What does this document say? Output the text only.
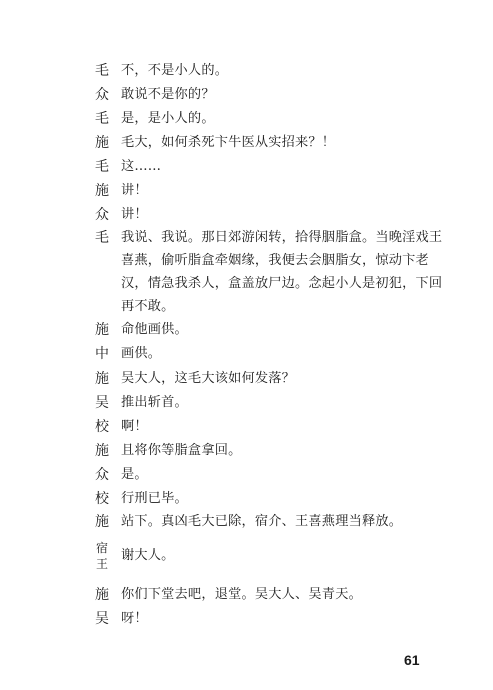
毛 不，不是小人的。
众 敢说不是你的？
毛 是，是小人的。
施 毛大，如何杀死卞牛医从实招来？！
毛 这……
施 讲！
众 讲！
毛 我说、我说。那日郊游闲转，拾得胭脂盒。当晚淫戏王
喜燕，偷听脂盒牵姻缘，我便去会胭脂女，惊动卞老
汉，情急我杀人，盒盖放尸边。念起小人是初犯，下回
再不敢。
施 命他画供。
中 画供。
施 吴大人，这毛大该如何发落？
吴 推出斩首。
校 啊！
施 且将你等脂盒拿回。
众 是。
校 行刑已毕。
施 站下。真凶毛大已除，宿介、王喜燕理当释放。
宿
王
谢大人。
施 你们下堂去吧，退堂。吴大人、吴青天。
吴 呀！
61
